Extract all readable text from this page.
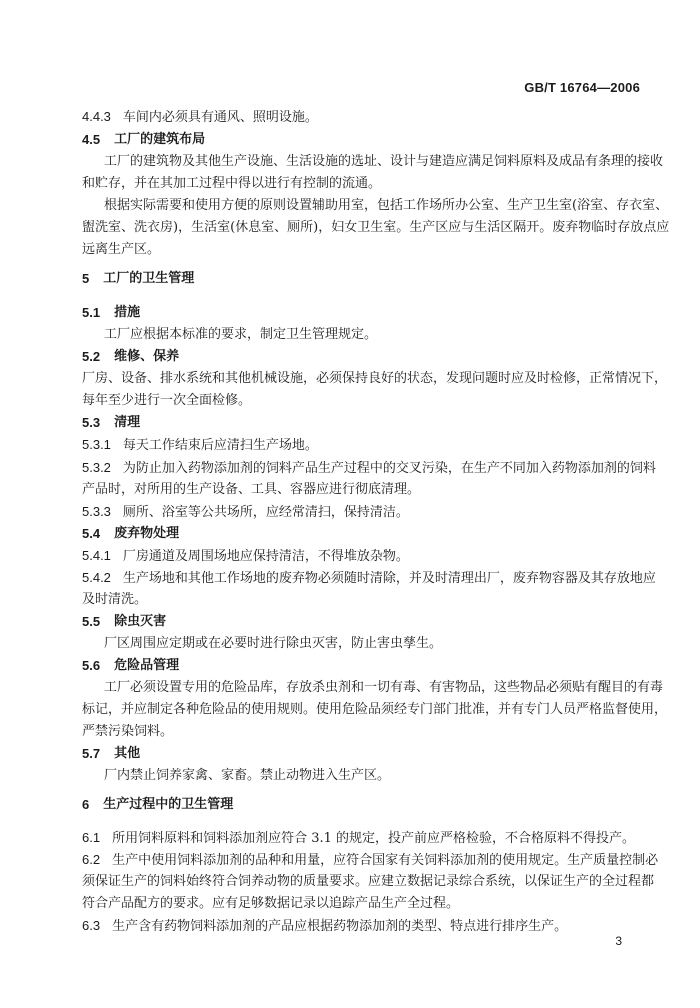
GB/T 16764—2006
4.4.3 车间内必须具有通风、照明设施。
4.5 工厂的建筑布局
工厂的建筑物及其他生产设施、生活设施的选址、设计与建造应满足饲料原料及成品有条理的接收
和贮存，并在其加工过程中得以进行有控制的流通。
根据实际需要和使用方便的原则设置辅助用室，包括工作场所办公室、生产卫生室(浴室、存衣室、
盥洗室、洗衣房)，生活室(休息室、厕所)，妇女卫生室。生产区应与生活区隔开。废弃物临时存放点应
远离生产区。
5 工厂的卫生管理
5.1 措施
工厂应根据本标准的要求，制定卫生管理规定。
5.2 维修、保养
厂房、设备、排水系统和其他机械设施，必须保持良好的状态，发现问题时应及时检修，正常情况下，
每年至少进行一次全面检修。
5.3 清理
5.3.1 每天工作结束后应清扫生产场地。
5.3.2 为防止加入药物添加剂的饲料产品生产过程中的交叉污染，在生产不同加入药物添加剂的饲料
产品时，对所用的生产设备、工具、容器应进行彻底清理。
5.3.3 厕所、浴室等公共场所，应经常清扫，保持清洁。
5.4 废弃物处理
5.4.1 厂房通道及周围场地应保持清洁，不得堆放杂物。
5.4.2 生产场地和其他工作场地的废弃物必须随时清除，并及时清理出厂，废弃物容器及其存放地应
及时清洗。
5.5 除虫灭害
厂区周围应定期或在必要时进行除虫灭害，防止害虫孳生。
5.6 危险品管理
工厂必须设置专用的危险品库，存放杀虫剂和一切有毒、有害物品，这些物品必须贴有醒目的有毒
标记，并应制定各种危险品的使用规则。使用危险品须经专门部门批准，并有专门人员严格监督使用，
严禁污染饲料。
5.7 其他
厂内禁止饲养家禽、家畜。禁止动物进入生产区。
6 生产过程中的卫生管理
6.1 所用饲料原料和饲料添加剂应符合 3.1 的规定，投产前应严格检验，不合格原料不得投产。
6.2 生产中使用饲料添加剂的品种和用量，应符合国家有关饲料添加剂的使用规定。生产质量控制必
须保证生产的饲料始终符合饲养动物的质量要求。应建立数据记录综合系统，以保证生产的全过程都
符合产品配方的要求。应有足够数据记录以追踪产品生产全过程。
6.3 生产含有药物饲料添加剂的产品应根据药物添加剂的类型、特点进行排序生产。
3
